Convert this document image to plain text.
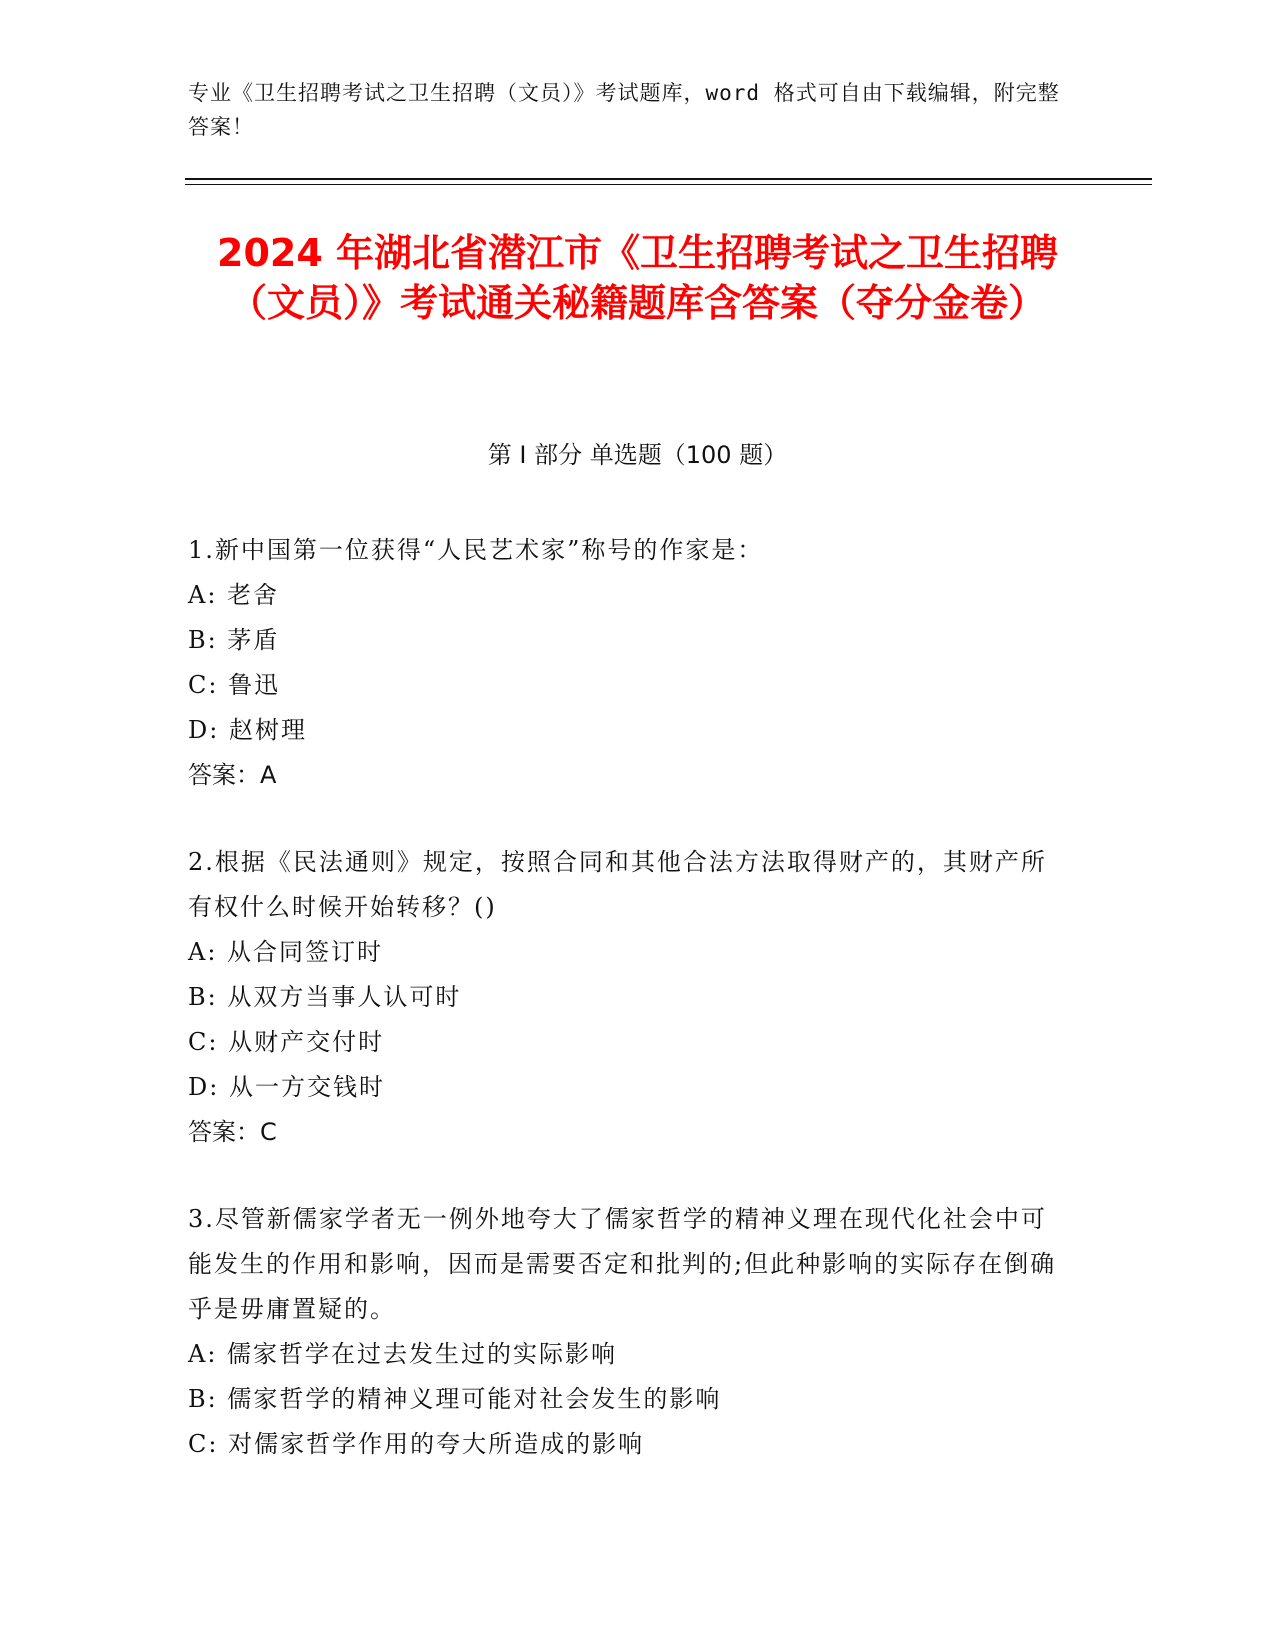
专业《卫生招聘考试之卫生招聘（文员）》考试题库，word 格式可自由下载编辑，附完整答案！
2024 年湖北省潜江市《卫生招聘考试之卫生招聘（文员）》考试通关秘籍题库含答案（夺分金卷）
第 I 部分 单选题（100 题）
1.新中国第一位获得“人民艺术家”称号的作家是：
A: 老舍
B: 茅盾
C: 鲁迅
D: 赵树理
答案：A
2.根据《民法通则》规定，按照合同和其他合法方法取得财产的，其财产所有权什么时候开始转移？()
A: 从合同签订时
B: 从双方当事人认可时
C: 从财产交付时
D: 从一方交钱时
答案：C
3.尽管新儒家学者无一例外地夸大了儒家哲学的精神义理在现代化社会中可能发生的作用和影响，因而是需要否定和批判的;但此种影响的实际存在倒确乎是毋庸置疑的。
A: 儒家哲学在过去发生过的实际影响
B: 儒家哲学的精神义理可能对社会发生的影响
C: 对儒家哲学作用的夸大所造成的影响
